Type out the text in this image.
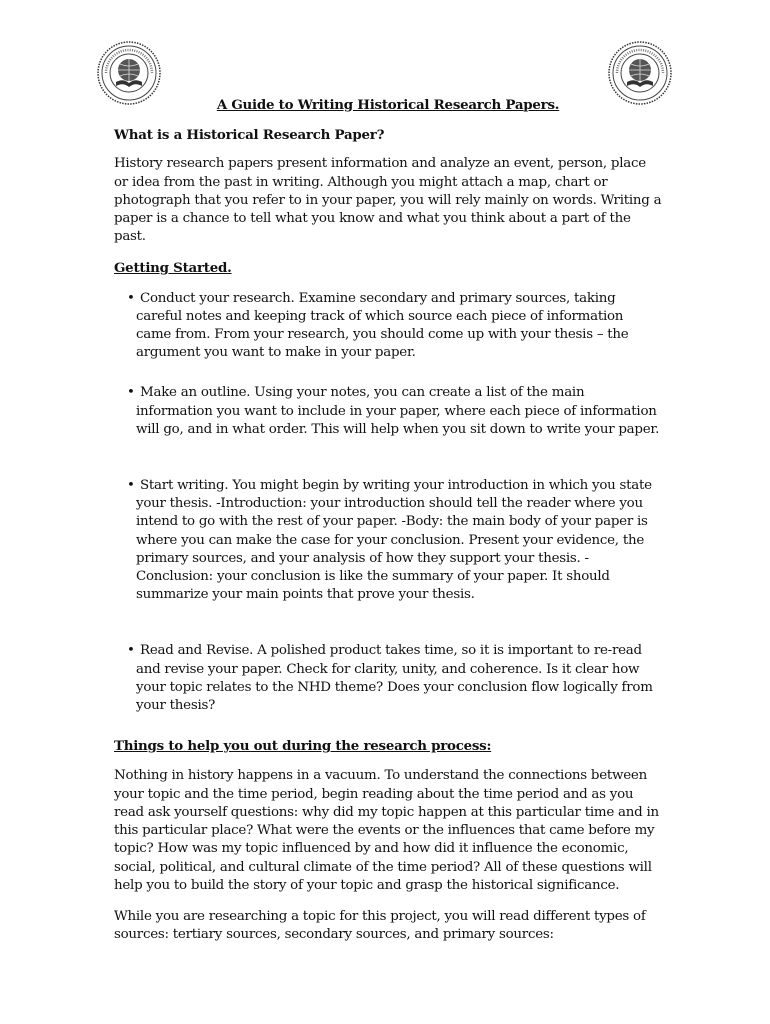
A Guide to Writing Historical Research Papers.
What is a Historical Research Paper?

History research papers present information and analyze an event, person, place or idea from the past in writing. Although you might attach a map, chart or photograph that you refer to in your paper, you will rely mainly on words. Writing a paper is a chance to tell what you know and what you think about a part of the past.

Getting Started.
• Conduct your research. Examine secondary and primary sources, taking careful notes and keeping track of which source each piece of information came from. From your research, you should come up with your thesis – the argument you want to make in your paper.
• Make an outline. Using your notes, you can create a list of the main information you want to include in your paper, where each piece of information will go, and in what order. This will help when you sit down to write your paper.
• Start writing. You might begin by writing your introduction in which you state your thesis. -Introduction: your introduction should tell the reader where you intend to go with the rest of your paper. -Body: the main body of your paper is where you can make the case for your conclusion. Present your evidence, the primary sources, and your analysis of how they support your thesis. -Conclusion: your conclusion is like the summary of your paper. It should summarize your main points that prove your thesis.
• Read and Revise. A polished product takes time, so it is important to re-read and revise your paper. Check for clarity, unity, and coherence. Is it clear how your topic relates to the NHD theme? Does your conclusion flow logically from your thesis?
Things to help you out during the research process:

Nothing in history happens in a vacuum. To understand the connections between your topic and the time period, begin reading about the time period and as you read ask yourself questions: why did my topic happen at this particular time and in this particular place? What were the events or the influences that came before my topic? How was my topic influenced by and how did it influence the economic, social, political, and cultural climate of the time period? All of these questions will help you to build the story of your topic and grasp the historical significance.

While you are researching a topic for this project, you will read different types of sources: tertiary sources, secondary sources, and primary sources:
